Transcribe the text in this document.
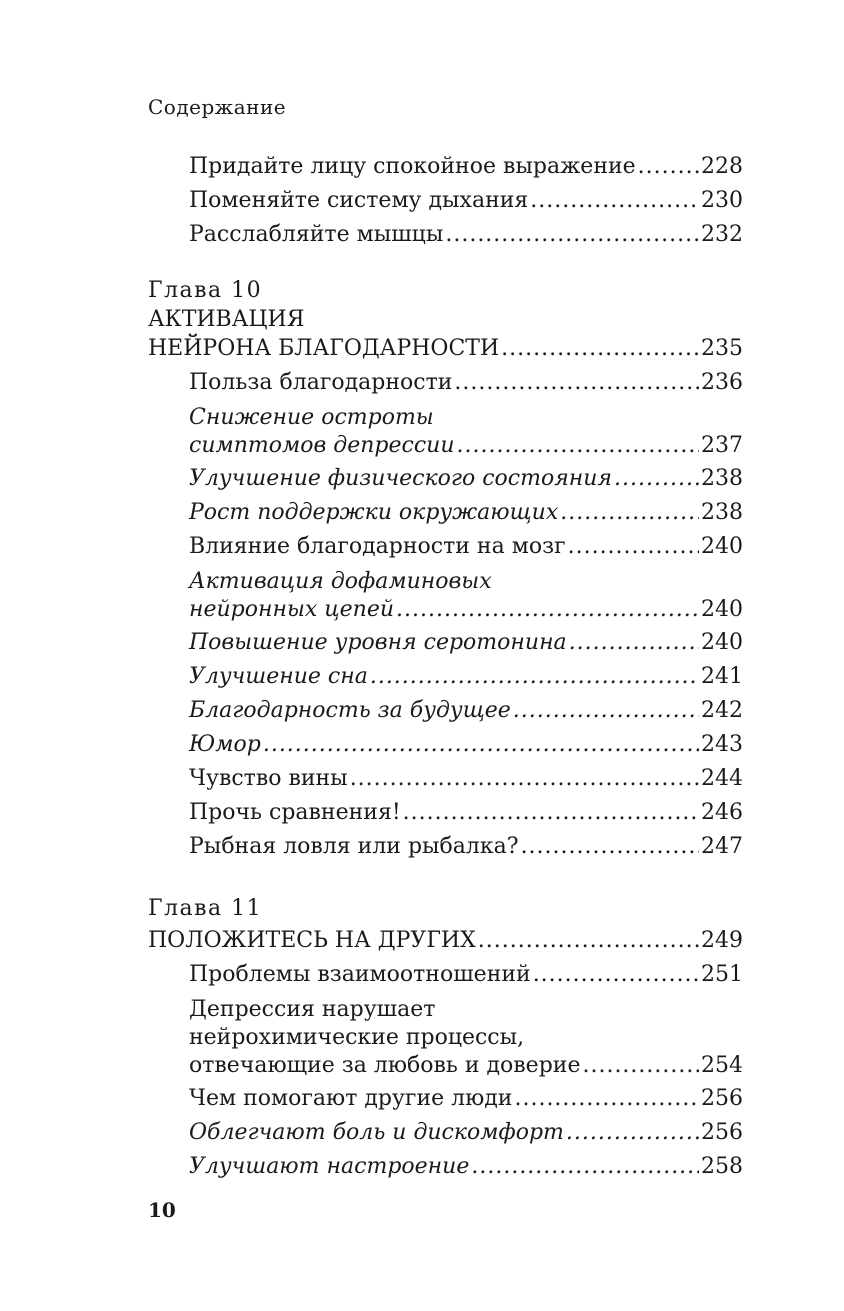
Содержание
Придайте лицу спокойное выражение .....	228
Поменяйте систему дыхания .....	230
Расслабляйте мышцы .....	232
Глава 10
АКТИВАЦИЯ
НЕЙРОНА БЛАГОДАРНОСТИ .....	235
Польза благодарности .....	236
Снижение остроты
симптомов депрессии .....	237
Улучшение физического состояния .....	238
Рост поддержки окружающих .....	238
Влияние благодарности на мозг .....	240
Активация дофаминовых
нейронных цепей .....	240
Повышение уровня серотонина .....	240
Улучшение сна .....	241
Благодарность за будущее .....	242
Юмор .....	243
Чувство вины .....	244
Прочь сравнения! .....	246
Рыбная ловля или рыбалка? .....	247
Глава 11
ПОЛОЖИТЕСЬ НА ДРУГИХ .....	249
Проблемы взаимоотношений .....	251
Депрессия нарушает
нейрохимические процессы,
отвечающие за любовь и доверие .....	254
Чем помогают другие люди .....	256
Облегчают боль и дискомфорт .....	256
Улучшают настроение .....	258
10
